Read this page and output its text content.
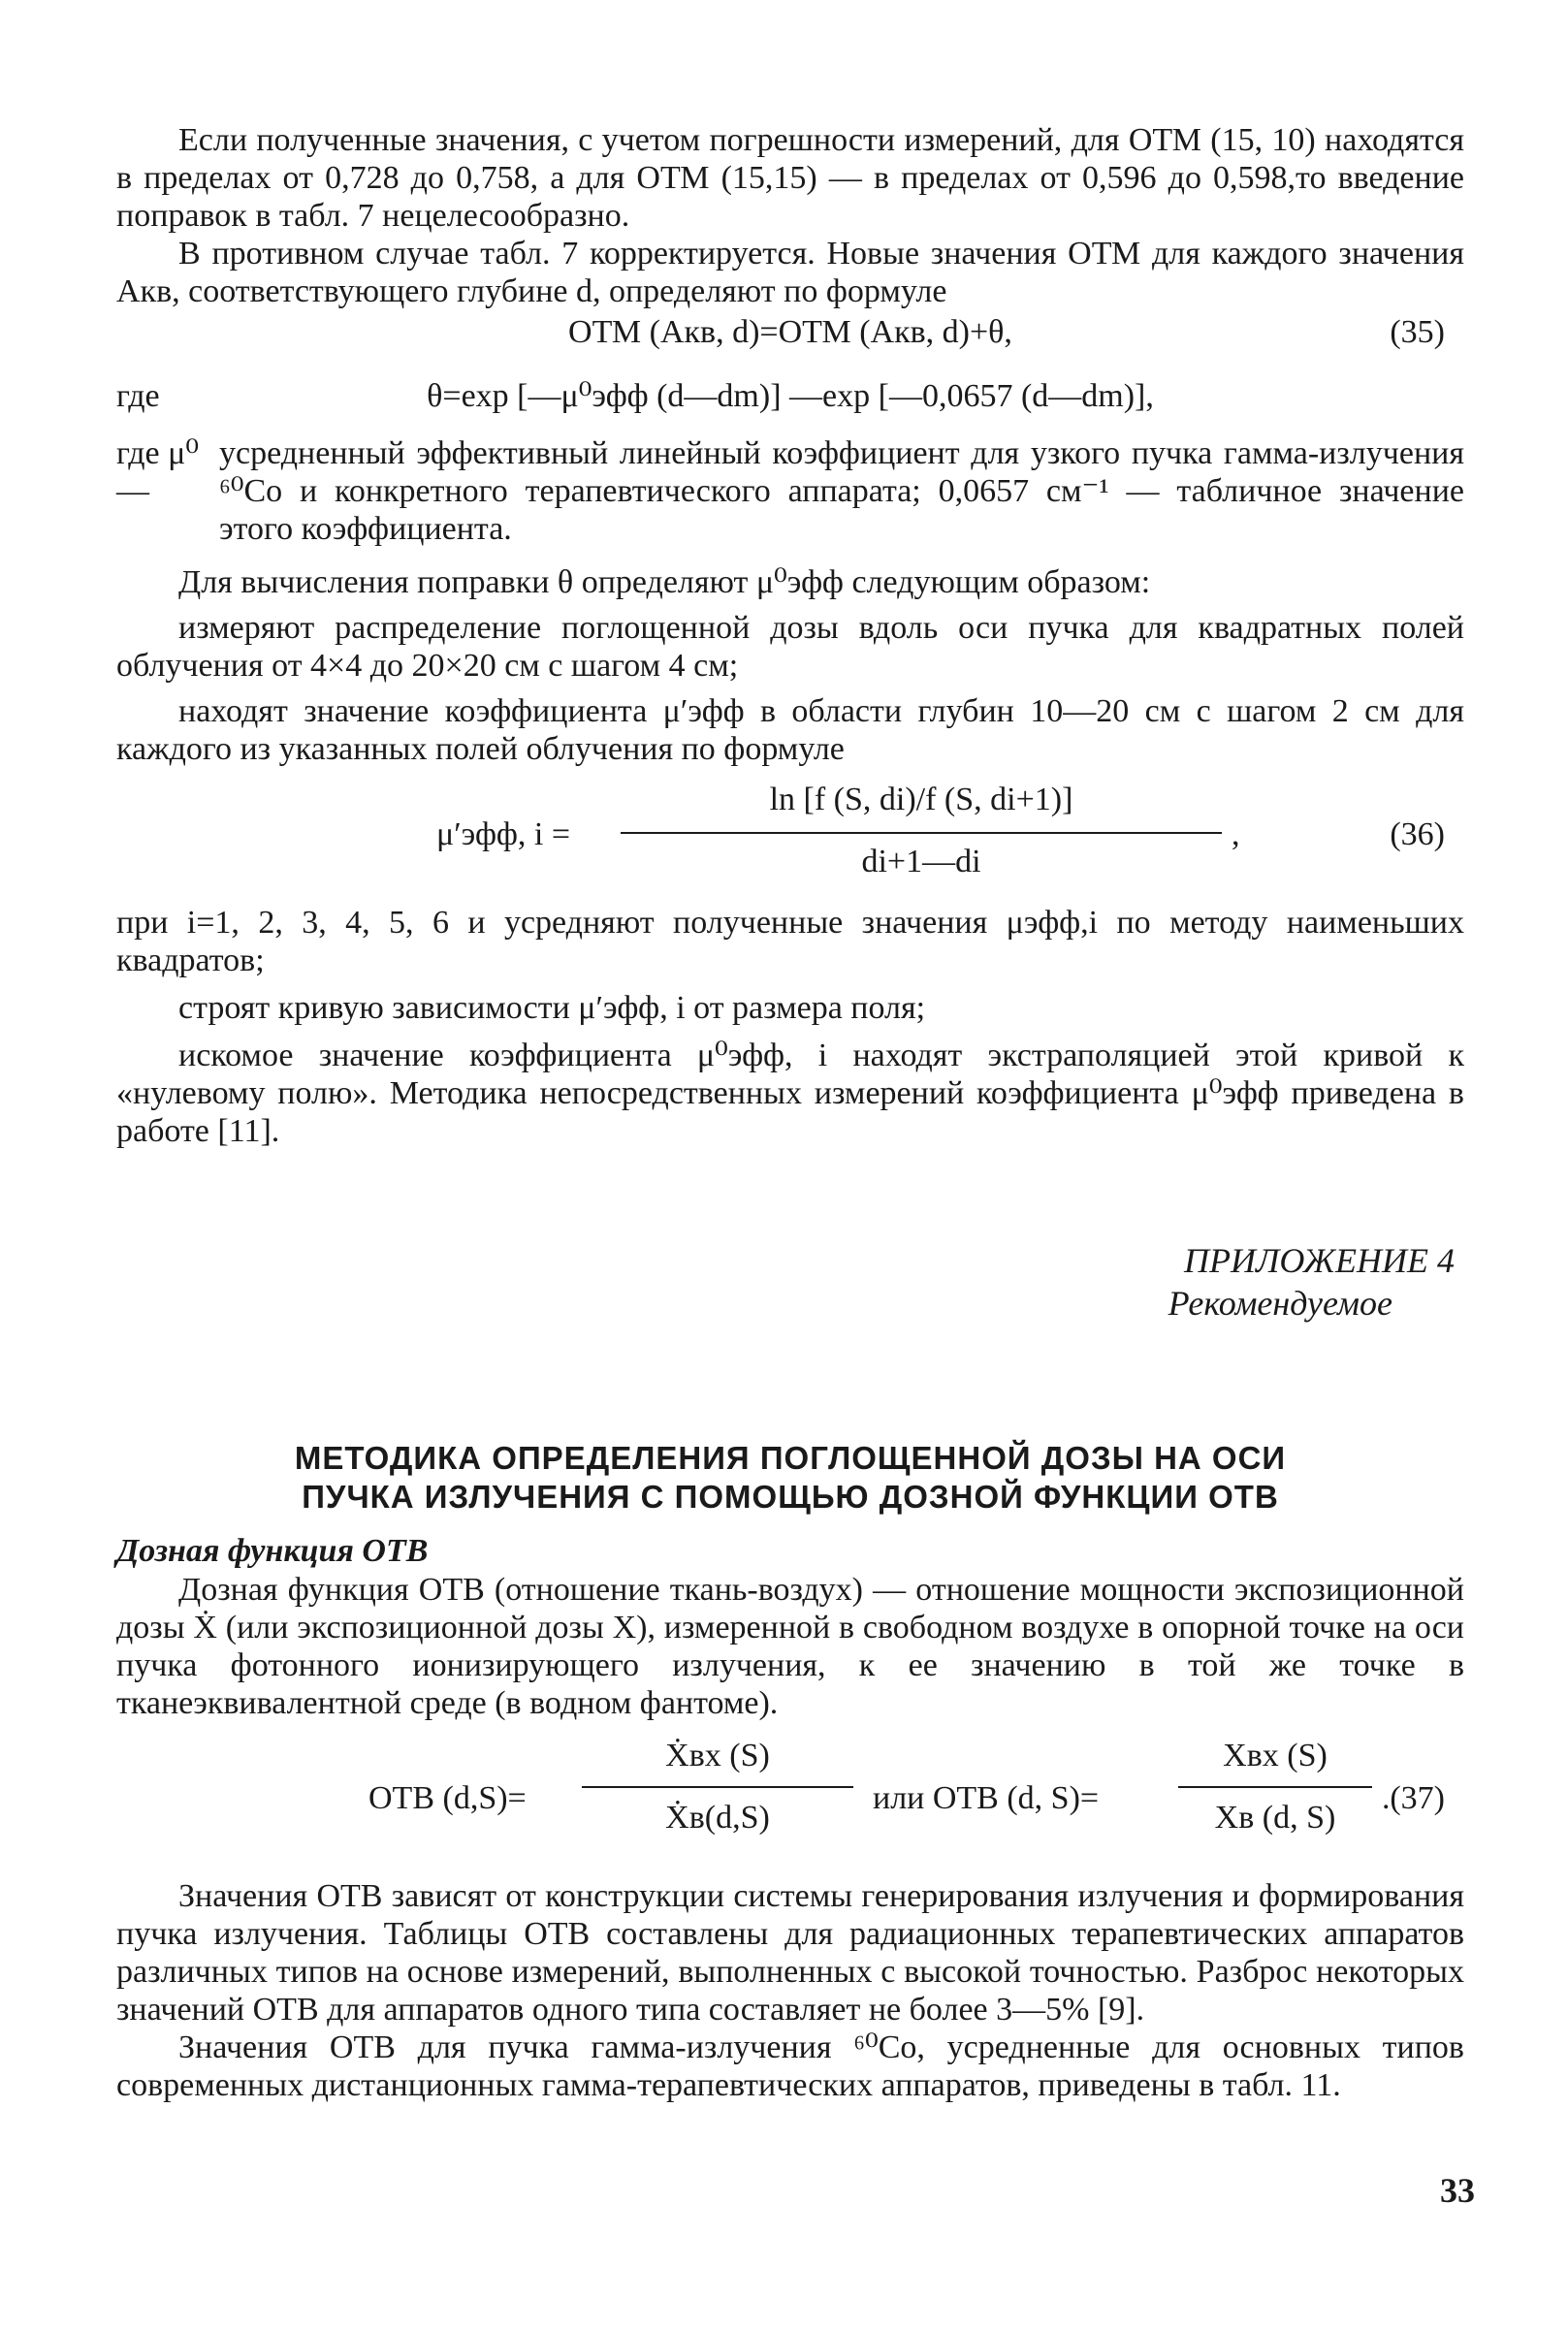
Если полученные значения, с учетом погрешности измерений, для ОТМ (15, 10) находятся в пределах от 0,728 до 0,758, а для ОТМ (15,15) — в пределах от 0,596 до 0,598,то введение поправок в табл. 7 нецелесообразно.

В противном случае табл. 7 корректируется. Новые значения ОТМ для каждого значения Aкв, соответствующего глубине d, определяют по формуле

ОТМ (Aкв, d)=ОТМ (Aкв, d)+θ,	(35)
где	θ=exp [—μ⁰эфф (d—dm)] —exp [—0,0657 (d—dm)],
где μ⁰ —
усредненный эффективный линейный коэффициент для узкого пучка гамма-излучения ⁶⁰Со и конкретного терапевтического аппарата; 0,0657 см⁻¹ — табличное значение этого коэффициента.

Для вычисления поправки θ определяют μ⁰эфф следующим образом:

измеряют распределение поглощенной дозы вдоль оси пучка для квадратных полей облучения от 4×4 до 20×20 см с шагом 4 см;

находят значение коэффициента μ′эфф в области глубин 10—20 см с шагом 2 см для каждого из указанных полей облучения по формуле

μ′эфф, i =
ln [f (S, di)/f (S, di+1)]
di+1—di
,	(36)

при i=1, 2, 3, 4, 5, 6 и усредняют полученные значения μэфф,i по методу наименьших квадратов;

строят кривую зависимости μ′эфф, i от размера поля;

искомое значение коэффициента μ⁰эфф, i находят экстраполяцией этой кривой к «нулевому полю». Методика непосредственных измерений коэффициента μ⁰эфф приведена в работе [11].

ПРИЛОЖЕНИЕ 4
Рекомендуемое
МЕТОДИКА ОПРЕДЕЛЕНИЯ ПОГЛОЩЕННОЙ ДОЗЫ НА ОСИ
ПУЧКА ИЗЛУЧЕНИЯ С ПОМОЩЬЮ ДОЗНОЙ ФУНКЦИИ ОТВ
Дозная функция ОТВ

Дозная функция ОТВ (отношение ткань-воздух) — отношение мощности экспозиционной дозы Ẋ (или экспозиционной дозы X), измеренной в свободном воздухе в опорной точке на оси пучка фотонного ионизирующего излучения, к ее значению в той же точке в тканеэквивалентной среде (в водном фантоме).

ОТВ (d,S)=
Ẋвх (S)
Ẋв(d,S)
или ОТВ (d, S)=
Xвх (S)
Xв (d, S)
. (37)

Значения ОТВ зависят от конструкции системы генерирования излучения и формирования пучка излучения. Таблицы ОТВ составлены для радиационных терапевтических аппаратов различных типов на основе измерений, выполненных с высокой точностью. Разброс некоторых значений ОТВ для аппаратов одного типа составляет не более 3—5% [9].

Значения ОТВ для пучка гамма-излучения ⁶⁰Со, усредненные для основных типов современных дистанционных гамма-терапевтических аппаратов, приведены в табл. 11.

33
